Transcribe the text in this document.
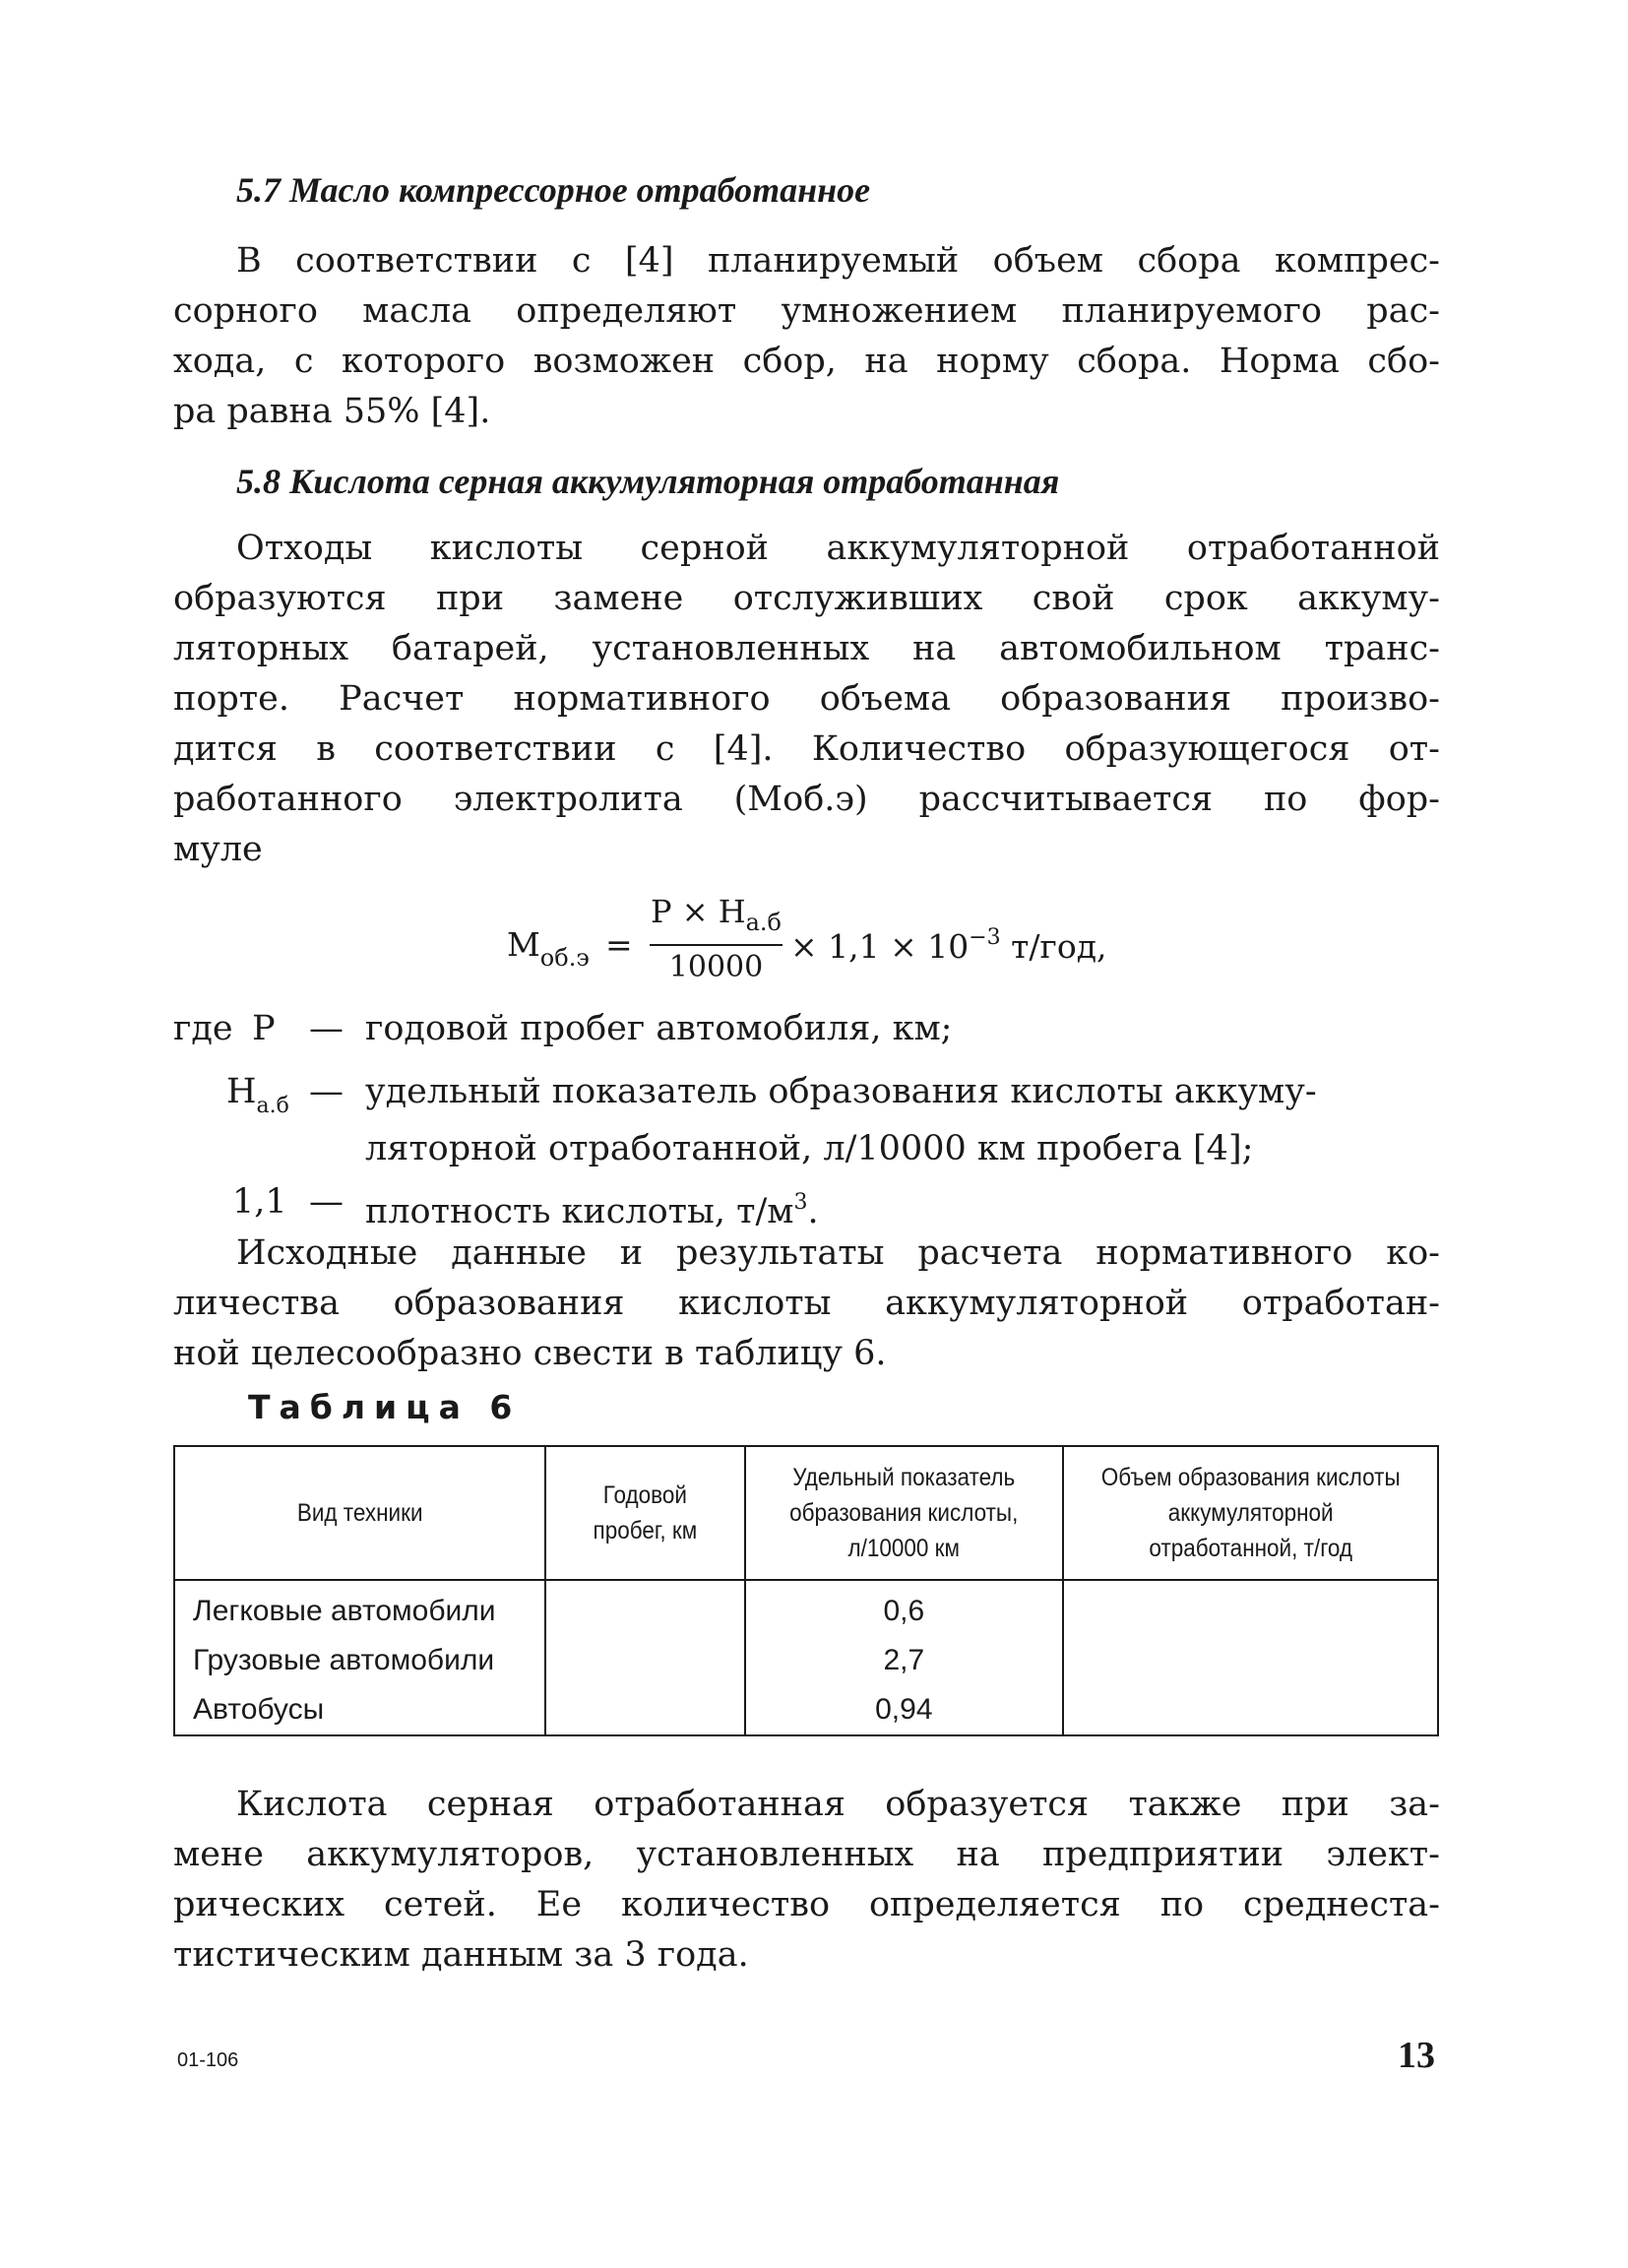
5.7 Масло компрессорное отработанное

В соответствии с [4] планируемый объем сбора компрес-
сорного масла определяют умножением планируемого рас-
хода, с которого возможен сбор, на норму сбора. Норма сбо-
ра равна 55% [4].

5.8 Кислота серная аккумуляторная отработанная

Отходы кислоты серной аккумуляторной отработанной
образуются при замене отслуживших свой срок аккуму-
ляторных батарей, установленных на автомобильном транс-
порте. Расчет нормативного объема образования произво-
дится в соответствии с [4]. Количество образующегося от-
работанного электролита (Mоб.э) рассчитывается по фор-
муле

$M_{об.э}$ =
$P \times H_{а.б}$
10000
× $1,1 \times 10^{-3}$ т/год,
где P — годовой пробег автомобиля, км;
$H_{а.б}$ — удельный показатель образования кислоты аккуму-
ляторной отработанной, л/10000 км пробега [4];
1,1 — плотность кислоты, $т/м^3$.

Исходные данные и результаты расчета нормативного ко-
личества образования кислоты аккумуляторной отработан-
ной целесообразно свести в таблицу 6.

Таблица 6

Вид техники	Годовой пробег, км	Удельный показатель образования кислоты, л/10000 км	Объем образования кислоты аккумуляторной отработанной, т/год
Легковые автомобили		0,6	
Грузовые автомобили		2,7	
Автобусы		0,94	

Кислота серная отработанная образуется также при за-
мене аккумуляторов, установленных на предприятии элект-
рических сетей. Ее количество определяется по среднеста-
тистическим данным за 3 года.

01-106	13
